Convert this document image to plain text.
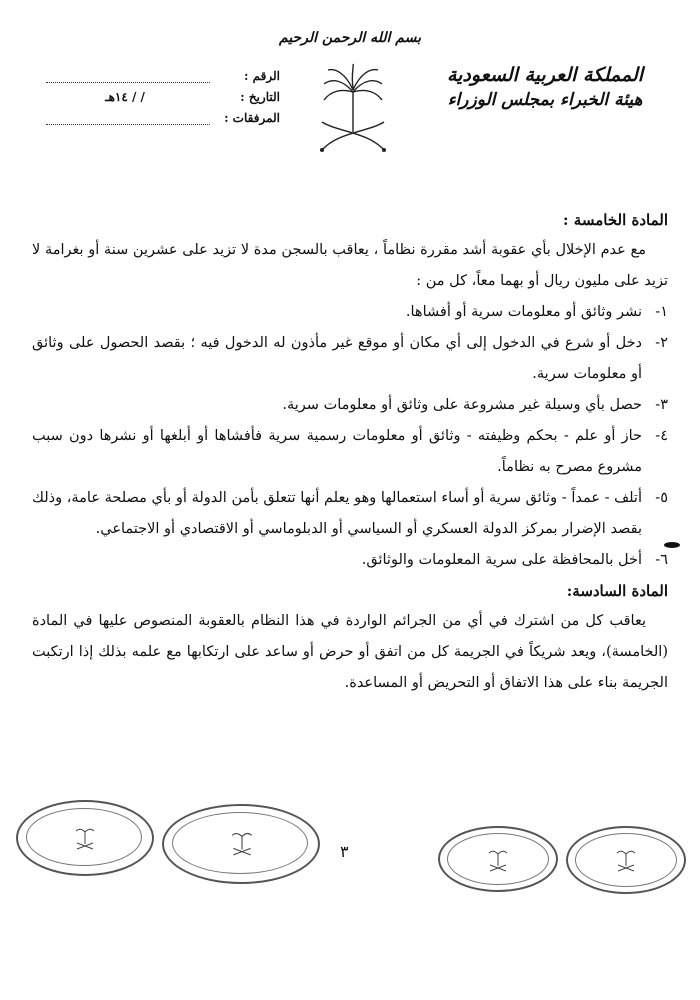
بسم الله الرحمن الرحيم
المملكة العربية السعودية
هيئة الخبراء بمجلس الوزراء
الرقم :
التاريخ :
/ / ١٤هـ
المرفقات :
المادة الخامسة :
مع عدم الإخلال بأي عقوبة أشد مقررة نظاماً ، يعاقب بالسجن مدة لا تزيد على عشرين سنة أو بغرامة لا تزيد على مليون ريال أو بهما معاً، كل من :
١-
نشر وثائق أو معلومات سرية أو أفشاها.
٢-
دخل أو شرع في الدخول إلى أي مكان أو موقع غير مأذون له الدخول فيه ؛ بقصد الحصول على وثائق أو معلومات سرية.
٣-
حصل بأي وسيلة غير مشروعة على وثائق أو معلومات سرية.
٤-
حاز أو علم - بحكم وظيفته - وثائق أو معلومات رسمية سرية فأفشاها أو أبلغها أو نشرها دون سبب مشروع مصرح به نظاماً.
٥-
أتلف - عمداً - وثائق سرية أو أساء استعمالها وهو يعلم أنها تتعلق بأمن الدولة أو بأي مصلحة عامة، وذلك بقصد الإضرار بمركز الدولة العسكري أو السياسي أو الدبلوماسي أو الاقتصادي أو الاجتماعي.
٦-
أخل بالمحافظة على سرية المعلومات والوثائق.
المادة السادسة:
يعاقب كل من اشترك في أي من الجرائم الواردة في هذا النظام بالعقوبة المنصوص عليها في المادة (الخامسة)، ويعد شريكاً في الجريمة كل من اتفق أو حرض أو ساعد على ارتكابها مع علمه بذلك إذا ارتكبت الجريمة بناء على هذا الاتفاق أو التحريض أو المساعدة.
٣
